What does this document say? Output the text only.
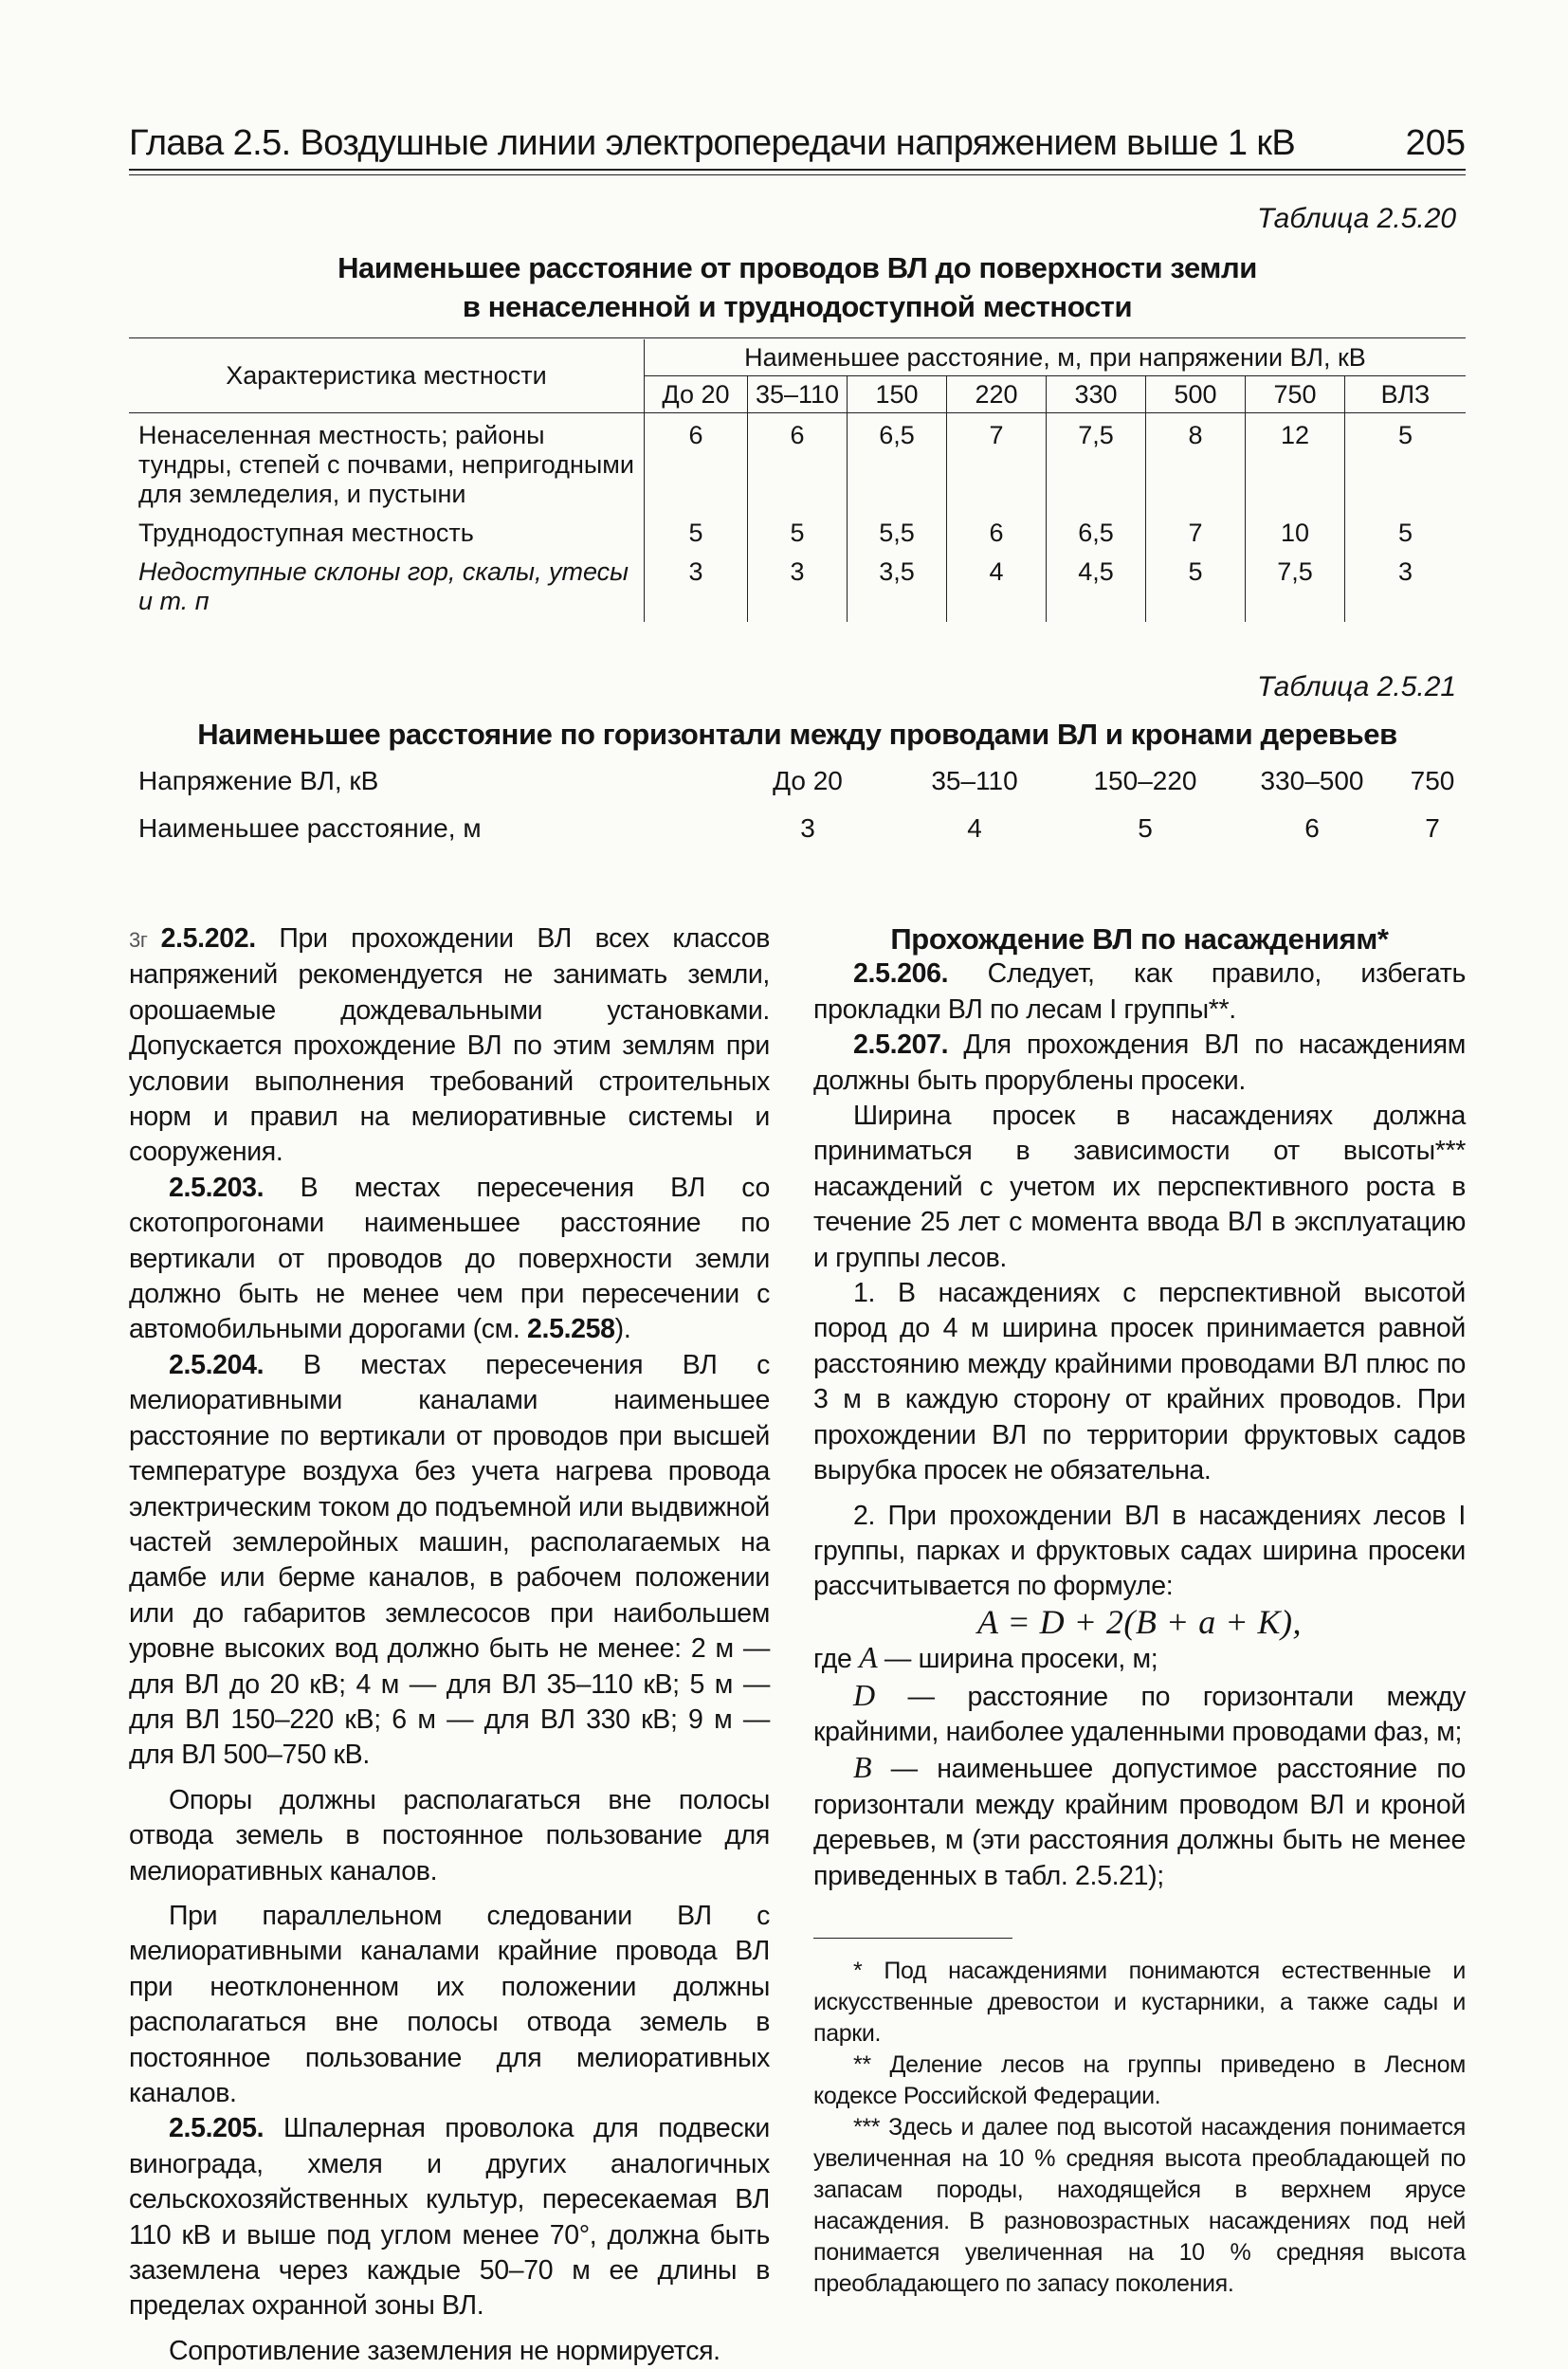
Глава 2.5. Воздушные линии электропередачи напряжением выше 1 кВ	205
Таблица 2.5.20
Наименьшее расстояние от проводов ВЛ до поверхности земли
в ненаселенной и труднодоступной местности
Характеристика местности	Наименьшее расстояние, м, при напряжении ВЛ, кВ							
	До 20	35–110	150	220	330	500	750	ВЛЗ
Ненаселенная местность; районы тундры, степей с почвами, непригодными для земледелия, и пустыни	6	6	6,5	7	7,5	8	12	5
Труднодоступная местность	5	5	5,5	6	6,5	7	10	5
Недоступные склоны гор, скалы, утесы и т. п	3	3	3,5	4	4,5	5	7,5	3
Таблица 2.5.21
Наименьшее расстояние по горизонтали между проводами ВЛ и кронами деревьев
Напряжение ВЛ, кВ	До 20	35–110	150–220	330–500	750
Наименьшее расстояние, м	3	4	5	6	7

3г 2.5.202. При прохождении ВЛ всех классов напряжений рекомендуется не занимать земли, орошаемые дождевальными установками. Допускается прохождение ВЛ по этим землям при условии выполнения требований строительных норм и правил на мелиоративные системы и сооружения.

2.5.203. В местах пересечения ВЛ со скотопрогонами наименьшее расстояние по вертикали от проводов до поверхности земли должно быть не менее чем при пересечении с автомобильными дорогами (см. 2.5.258).

2.5.204. В местах пересечения ВЛ с мелиоративными каналами наименьшее расстояние по вертикали от проводов при высшей температуре воздуха без учета нагрева провода электрическим током до подъемной или выдвижной частей землеройных машин, располагаемых на дамбе или берме каналов, в рабочем положении или до габаритов землесосов при наибольшем уровне высоких вод должно быть не менее: 2 м — для ВЛ до 20 кВ; 4 м — для ВЛ 35–110 кВ; 5 м — для ВЛ 150–220 кВ; 6 м — для ВЛ 330 кВ; 9 м — для ВЛ 500–750 кВ.

Опоры должны располагаться вне полосы отвода земель в постоянное пользование для мелиоративных каналов.

При параллельном следовании ВЛ с мелиоративными каналами крайние провода ВЛ при неотклоненном их положении должны располагаться вне полосы отвода земель в постоянное пользование для мелиоративных каналов.

2.5.205. Шпалерная проволока для подвески винограда, хмеля и других аналогичных сельскохозяйственных культур, пересекаемая ВЛ 110 кВ и выше под углом менее 70°, должна быть заземлена через каждые 50–70 м ее длины в пределах охранной зоны ВЛ.

Сопротивление заземления не нормируется.

Прохождение ВЛ по насаждениям*

2.5.206. Следует, как правило, избегать прокладки ВЛ по лесам I группы**.

2.5.207. Для прохождения ВЛ по насаждениям должны быть прорублены просеки.

Ширина просек в насаждениях должна приниматься в зависимости от высоты*** насаждений с учетом их перспективного роста в течение 25 лет с момента ввода ВЛ в эксплуатацию и группы лесов.

1. В насаждениях с перспективной высотой пород до 4 м ширина просек принимается равной расстоянию между крайними проводами ВЛ плюс по 3 м в каждую сторону от крайних проводов. При прохождении ВЛ по территории фруктовых садов вырубка просек не обязательна.

2. При прохождении ВЛ в насаждениях лесов I группы, парках и фруктовых садах ширина просеки рассчитывается по формуле:

A = D + 2(B + a + K),

где A — ширина просеки, м;

D — расстояние по горизонтали между крайними, наиболее удаленными проводами фаз, м;

B — наименьшее допустимое расстояние по горизонтали между крайним проводом ВЛ и кроной деревьев, м (эти расстояния должны быть не менее приведенных в табл. 2.5.21);

* Под насаждениями понимаются естественные и искусственные древостои и кустарники, а также сады и парки.

** Деление лесов на группы приведено в Лесном кодексе Российской Федерации.

*** Здесь и далее под высотой насаждения понимается увеличенная на 10 % средняя высота преобладающей по запасам породы, находящейся в верхнем ярусе насаждения. В разновозрастных насаждениях под ней понимается увеличенная на 10 % средняя высота преобладающего по запасу поколения.
